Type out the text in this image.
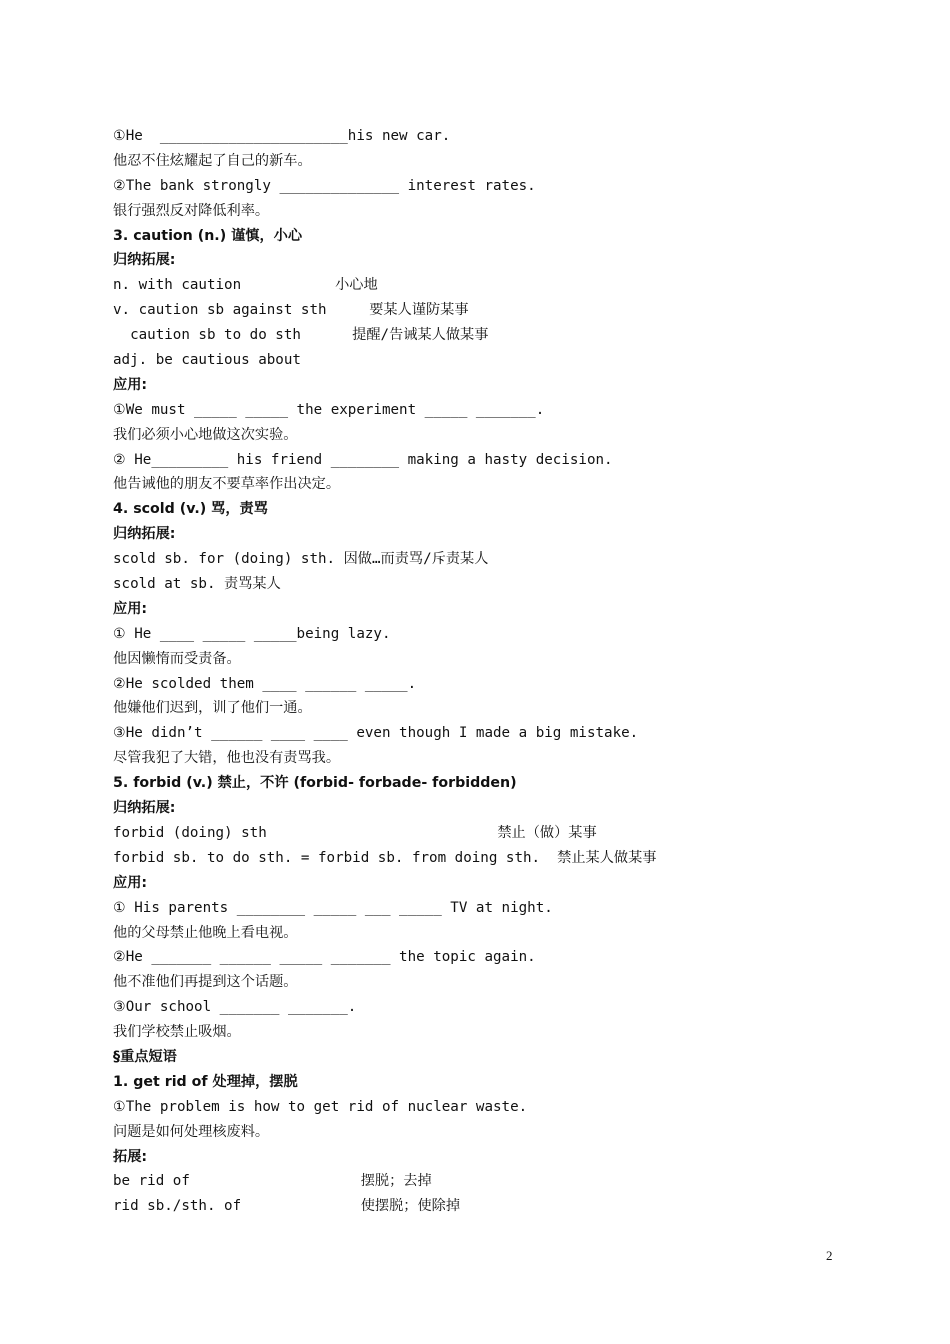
①He  ______________________his new car.
他忍不住炫耀起了自己的新车。
②The bank strongly ______________ interest rates.
银行强烈反对降低利率。
3. caution (n.) 谨慎，小心
归纳拓展:
n. with caution           小心地
v. caution sb against sth     要某人谨防某事
caution sb to do sth      提醒/告诫某人做某事
adj. be cautious about
应用:
①We must _____ _____ the experiment _____ _______.
我们必须小心地做这次实验。
② He_________ his friend ________ making a hasty decision.
他告诫他的朋友不要草率作出决定。
4. scold (v.) 骂，责骂
归纳拓展:
scold sb. for (doing) sth. 因做…而责骂/斥责某人
scold at sb. 责骂某人
应用:
① He ____ _____ _____being lazy.
他因懒惰而受责备。
②He scolded them ____ ______ _____.
他嫌他们迟到，训了他们一通。
③He didn’t ______ ____ ____ even though I made a big mistake.
尽管我犯了大错，他也没有责骂我。
5. forbid (v.) 禁止，不许 (forbid- forbade- forbidden)
归纳拓展:
forbid (doing) sth                           禁止（做）某事
forbid sb. to do sth. = forbid sb. from doing sth.  禁止某人做某事
应用:
① His parents ________ _____ ___ _____ TV at night.
他的父母禁止他晚上看电视。
②He _______ ______ _____ _______ the topic again.
他不准他们再提到这个话题。
③Our school _______ _______.
我们学校禁止吸烟。
§重点短语
1. get rid of 处理掉，摆脱
①The problem is how to get rid of nuclear waste.
问题是如何处理核废料。
拓展:
be rid of                    摆脱；去掉
rid sb./sth. of              使摆脱；使除掉
2
